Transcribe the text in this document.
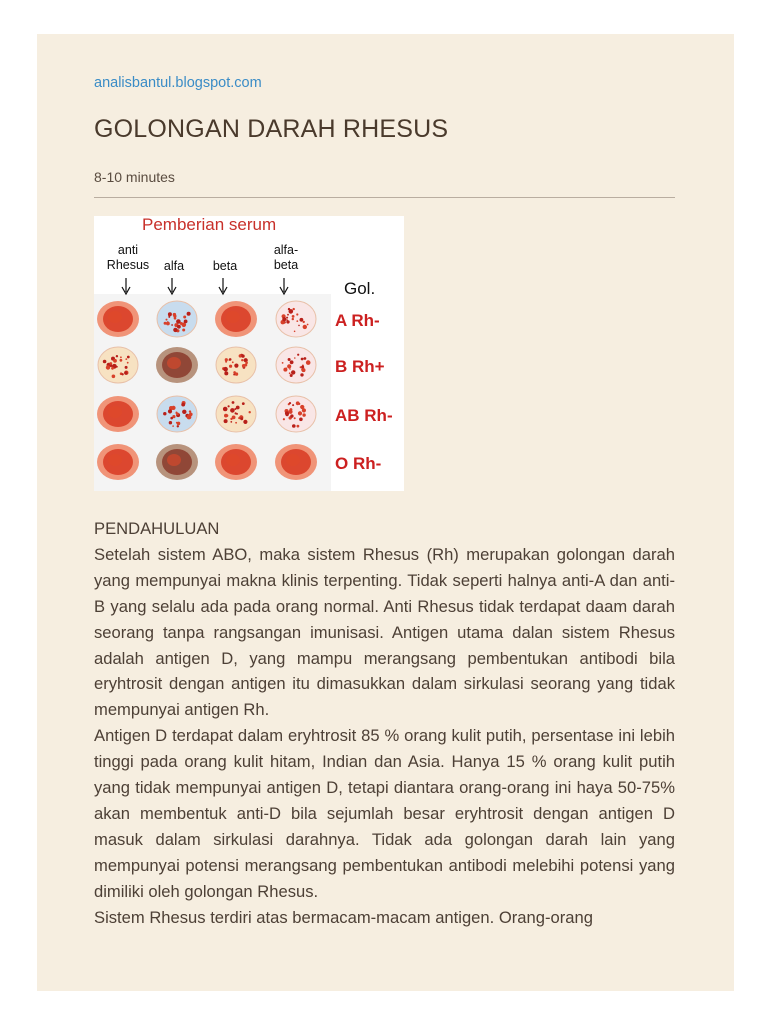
analisbantul.blogspot.com
GOLONGAN DARAH RHESUS
8-10 minutes
Pemberian serum
anti
Rhesus alfa beta
alfa-
beta
Gol.
A Rh-
B Rh+
AB Rh-
O Rh-

PENDAHULUAN

Setelah sistem ABO, maka sistem Rhesus (Rh) merupakan golongan darah yang mempunyai makna klinis terpenting. Tidak seperti halnya anti-A dan anti-B yang selalu ada pada orang normal. Anti Rhesus tidak terdapat daam darah seorang tanpa rangsangan imunisasi. Antigen utama dalan sistem Rhesus adalah antigen D, yang mampu merangsang pembentukan antibodi bila eryhtrosit dengan antigen itu dimasukkan dalam sirkulasi seorang yang tidak mempunyai antigen Rh.

Antigen D terdapat dalam eryhtrosit 85 % orang kulit putih, persentase ini lebih tinggi pada orang kulit hitam, Indian dan Asia. Hanya 15 % orang kulit putih yang tidak mempunyai antigen D, tetapi diantara orang-orang ini haya 50-75% akan membentuk anti-D bila sejumlah besar eryhtrosit dengan antigen D masuk dalam sirkulasi darahnya. Tidak ada golongan darah lain yang mempunyai potensi merangsang pembentukan antibodi melebihi potensi yang dimiliki oleh golongan Rhesus.

Sistem Rhesus terdiri atas bermacam-macam antigen. Orang-orang
